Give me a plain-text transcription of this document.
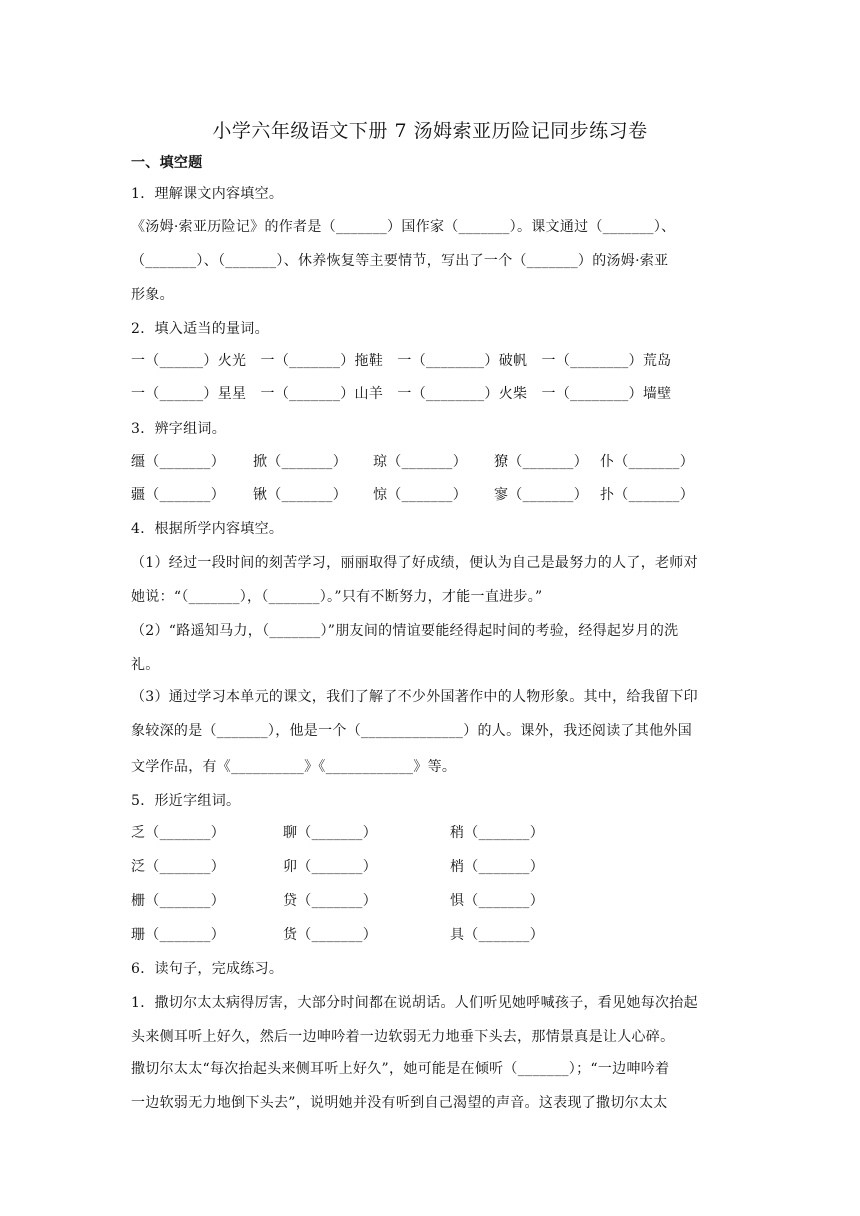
小学六年级语文下册 7 汤姆索亚历险记同步练习卷
一、填空题
1．理解课文内容填空。
《汤姆·索亚历险记》的作者是（_______）国作家（_______）。课文通过（_______）、
（_______）、（_______）、休养恢复等主要情节，写出了一个（_______）的汤姆·索亚
形象。
2．填入适当的量词。
一（______）火光   一（_______）拖鞋   一（________）破帆   一（________）荒岛
一（______）星星   一（_______）山羊   一（________）火柴   一（________）墙壁
3．辨字组词。
缰（_______） 掀（_______） 琼（_______） 獠（_______） 仆（_______）
疆（_______） 锹（_______） 惊（_______） 寥（_______） 扑（_______）
4．根据所学内容填空。
（1）经过一段时间的刻苦学习，丽丽取得了好成绩，便认为自己是最努力的人了，老师对
她说：“（_______），（_______）。”只有不断努力，才能一直进步。”
（2）“路遥知马力，（_______）”朋友间的情谊要能经得起时间的考验，经得起岁月的洗
礼。
（3）通过学习本单元的课文，我们了解了不少外国著作中的人物形象。其中，给我留下印
象较深的是（_______），他是一个（______________）的人。课外，我还阅读了其他外国
文学作品，有《__________》《____________》等。
5．形近字组词。
乏（_______）	聊（_______）	稍（_______）
泛（_______）	卯（_______）	梢（_______）
栅（_______）	贷（_______）	惧（_______）
珊（_______）	货（_______）	具（_______）
6．读句子，完成练习。
1．撒切尔太太病得厉害，大部分时间都在说胡话。人们听见她呼喊孩子，看见她每次抬起
头来侧耳听上好久，然后一边呻吟着一边软弱无力地垂下头去，那情景真是让人心碎。
撒切尔太太“每次抬起头来侧耳听上好久”，她可能是在倾听（_______）；“一边呻吟着
一边软弱无力地倒下头去”，说明她并没有听到自己渴望的声音。这表现了撒切尔太太
